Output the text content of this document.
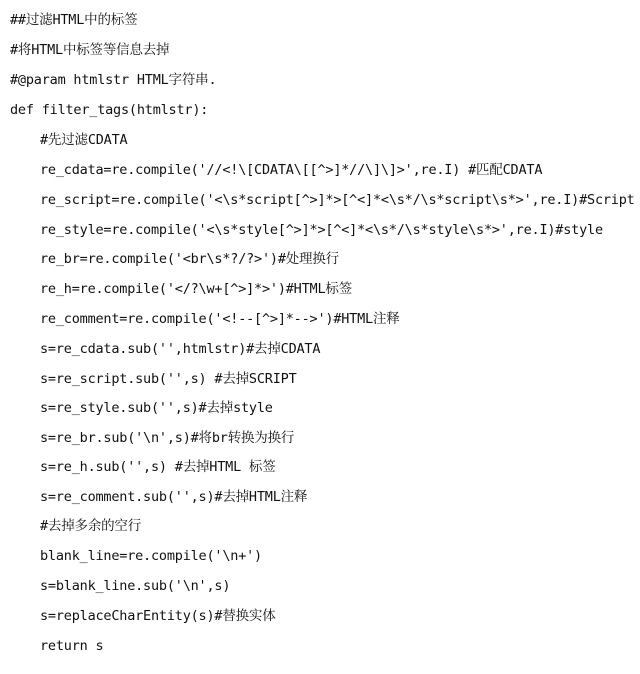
##过滤HTML中的标签
#将HTML中标签等信息去掉
#@param htmlstr HTML字符串.
def filter_tags(htmlstr):
#先过滤CDATA
re_cdata=re.compile('//<!\[CDATA\[[^>]*//\]\]>',re.I) #匹配CDATA
re_script=re.compile('<\s*script[^>]*>[^<]*<\s*/\s*script\s*>',re.I)#Script
re_style=re.compile('<\s*style[^>]*>[^<]*<\s*/\s*style\s*>',re.I)#style
re_br=re.compile('<br\s*?/?>')#处理换行
re_h=re.compile('</?\w+[^>]*>')#HTML标签
re_comment=re.compile('<!--[^>]*-->')#HTML注释
s=re_cdata.sub('',htmlstr)#去掉CDATA
s=re_script.sub('',s) #去掉SCRIPT
s=re_style.sub('',s)#去掉style
s=re_br.sub('\n',s)#将br转换为换行
s=re_h.sub('',s) #去掉HTML 标签
s=re_comment.sub('',s)#去掉HTML注释
#去掉多余的空行
blank_line=re.compile('\n+')
s=blank_line.sub('\n',s)
s=replaceCharEntity(s)#替换实体
return s
